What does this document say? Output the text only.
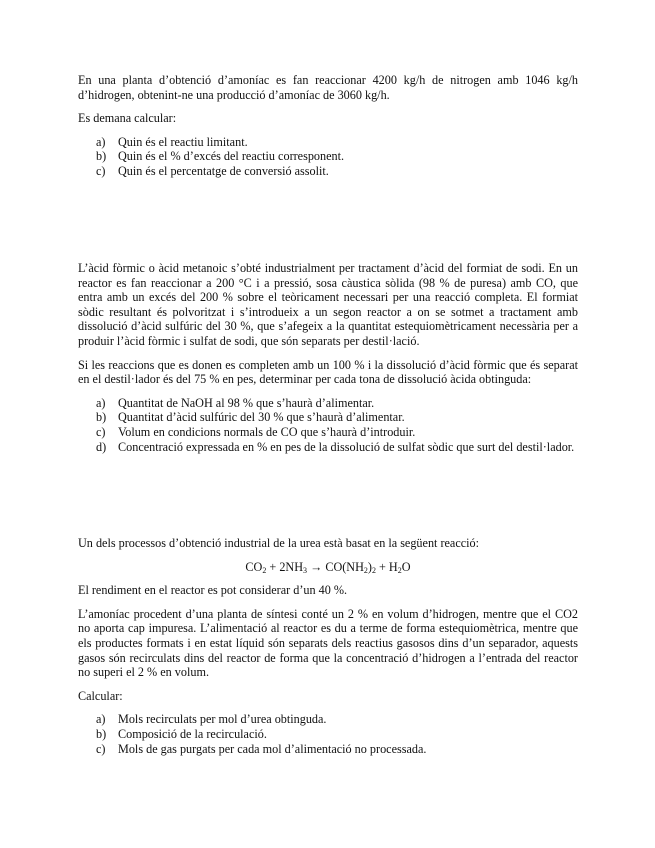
En una planta d’obtenció d’amoníac es fan reaccionar 4200 kg/h de nitrogen amb 1046 kg/h d’hidrogen, obtenint-ne una producció d’amoníac de 3060 kg/h.

Es demana calcular:

a) Quin és el reactiu limitant.
b) Quin és el % d’excés del reactiu corresponent.
c) Quin és el percentatge de conversió assolit.

L’àcid fòrmic o àcid metanoic s’obté industrialment per tractament d’àcid del formiat de sodi. En un reactor es fan reaccionar a 200 °C i a pressió, sosa càustica sòlida (98 % de puresa) amb CO, que entra amb un excés del 200 % sobre el teòricament necessari per una reacció completa. El formiat sòdic resultant és polvoritzat i s’introdueix a un segon reactor a on se sotmet a tractament amb dissolució d’àcid sulfúric del 30 %, que s’afegeix a la quantitat estequiomètricament necessària per a produir l’àcid fòrmic i sulfat de sodi, que són separats per destil·lació.

Si les reaccions que es donen es completen amb un 100 % i la dissolució d’àcid fòrmic que és separat en el destil·lador és del 75 % en pes, determinar per cada tona de dissolució àcida obtinguda:

a) Quantitat de NaOH al 98 % que s’haurà d’alimentar.
b) Quantitat d’àcid sulfúric del 30 % que s’haurà d’alimentar.
c) Volum en condicions normals de CO que s’haurà d’introduir.
d) Concentració expressada en % en pes de la dissolució de sulfat sòdic que surt del destil·lador.

Un dels processos d’obtenció industrial de la urea està basat en la següent reacció:

$CO_2 + 2NH_3 \to CO(NH_2)_2 + H_2O$

El rendiment en el reactor es pot considerar d’un 40 %.

L’amoníac procedent d’una planta de síntesi conté un 2 % en volum d’hidrogen, mentre que el CO2 no aporta cap impuresa. L’alimentació al reactor es du a terme de forma estequiomètrica, mentre que els productes formats i en estat líquid són separats dels reactius gasosos dins d’un separador, aquests gasos són recirculats dins del reactor de forma que la concentració d’hidrogen a l’entrada del reactor no superi el 2 % en volum.

Calcular:

a) Mols recirculats per mol d’urea obtinguda.
b) Composició de la recirculació.
c) Mols de gas purgats per cada mol d’alimentació no processada.
